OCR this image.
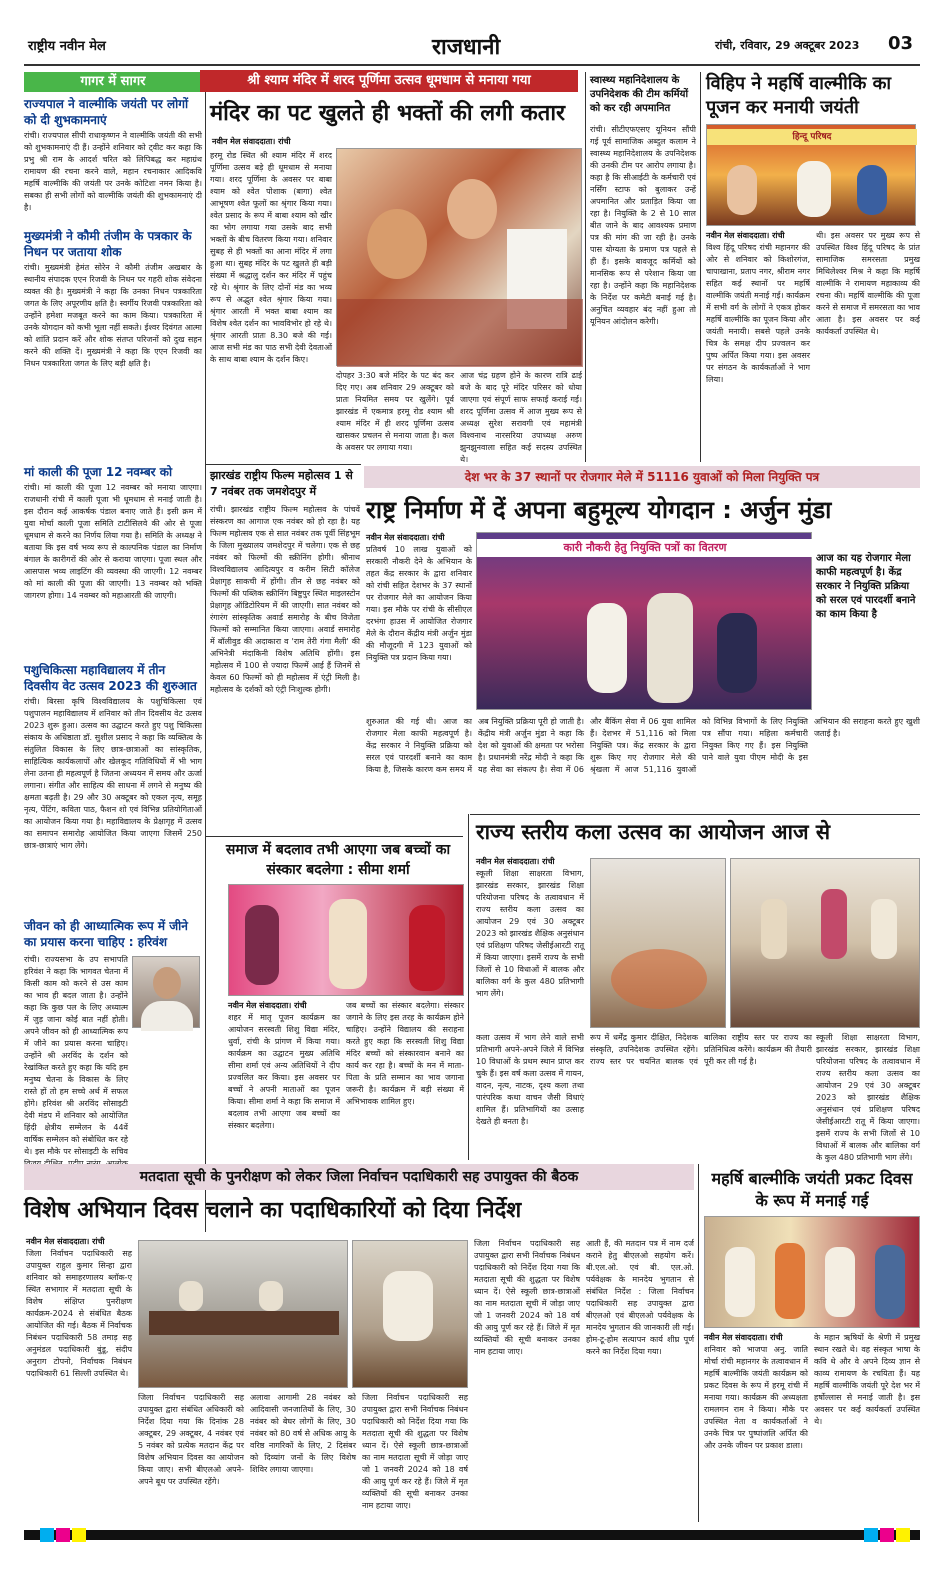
राष्ट्रीय नवीन मेल	राजधानी	रांची, रविवार, 29 अक्टूबर 2023 03
गागर में सागर
राज्यपाल ने वाल्मीकि जयंती पर लोगों को दी शुभकामनाएं
रांची। राज्यपाल सीपी राधाकृष्णन ने वाल्मीकि जयंती की सभी को शुभकामनाएं दी हैं। उन्होंने शनिवार को ट्वीट कर कहा कि प्रभु श्री राम के आदर्श चरित को लिपिबद्ध कर महाग्रंथ रामायण की रचना करने वाले, महान रचनाकार आदिकवि महर्षि वाल्मीकि की जयंती पर उनके कोटिशः नमन किया है। सबका ही सभी लोगों को वाल्मीकि जयंती की शुभकामनाएं दी है।
मुख्यमंत्री ने कौमी तंजीम के पत्रकार के निधन पर जताया शोक
रांची। मुख्यमंत्री हेमंत सोरेन ने कौमी तंजीम अखबार के स्थानीय संपादक एएन रिजवी के निधन पर गहरी शोक संवेदना व्यक्त की है। मुख्यमंत्री ने कहा कि उनका निधन पत्रकारिता जगत के लिए अपूरणीय क्षति है। स्वर्गीय रिजवी पत्रकारिता को उन्होंने हमेशा मजबूत करने का काम किया। पत्रकारिता में उनके योगदान को कभी भूला नहीं सकते। ईश्वर दिवंगत आत्मा को शांति प्रदान करें और शोक संतप्त परिजनों को दुख सहन करने की शक्ति दें। मुख्यमंत्री ने कहा कि एएन रिजवी का निधन पत्रकारिता जगत के लिए बड़ी क्षति है।
मां काली की पूजा 12 नवम्बर को
रांची। मां काली की पूजा 12 नवम्बर को मनाया जाएगा। राजधानी रांची में काली पूजा भी धूमधाम से मनाई जाती है। इस दौरान कई आकर्षक पंडाल बनाए जाते हैं। इसी क्रम में युवा मोर्चा काली पूजा समिति टाटीसिलवे की ओर से पूजा धूमधाम से करने का निर्णय लिया गया है। समिति के अध्यक्ष ने बताया कि इस वर्ष भव्य रूप से काल्पनिक पंडाल का निर्माण बंगाल के कारीगरों की ओर से कराया जाएगा। पूजा स्थल और आसपास भव्य लाइटिंग की व्यवस्था की जाएगी। 12 नवम्बर को मां काली की पूजा की जाएगी। 13 नवम्बर को भक्ति जागरण होगा। 14 नवम्बर को महाआरती की जाएगी।
पशुचिकित्सा महाविद्यालय में तीन दिवसीय वेट उत्सव 2023 की शुरुआत
रांची। बिरसा कृषि विश्वविद्यालय के पशुचिकित्सा एवं पशुपालन महाविद्यालय में शनिवार को तीन दिवसीय वेट उत्सव 2023 शुरू हुआ। उत्सव का उद्घाटन करते हुए पशु चिकित्सा संकाय के अधिष्ठाता डॉ. सुशील प्रसाद ने कहा कि व्यक्तित्व के संतुलित विकास के लिए छात्र-छात्राओं का सांस्कृतिक, साहित्यिक कार्यकलापों और खेलकूद गतिविधियों में भी भाग लेना उतना ही महत्वपूर्ण है जितना अध्ययन में समय और ऊर्जा लगाना। संगीत और साहित्य की साधना में लगने से मनुष्य की क्षमता बढ़ती है। 29 और 30 अक्टूबर को एकल नृत्य, समूह नृत्य, पेंटिंग, कविता पाठ, फैशन शो एवं विभिन्न प्रतियोगिताओं का आयोजन किया गया है। महाविद्यालय के प्रेक्षागृह में उत्सव का समापन समारोह आयोजित किया जाएगा जिसमें 250 छात्र-छात्राएं भाग लेंगे।
जीवन को ही आध्यात्मिक रूप में जीने का प्रयास करना चाहिए : हरिवंश
रांची। राज्यसभा के उप सभापति हरिवंश ने कहा कि भागवत चेतना में किसी काम को करने से उस काम का भाव ही बदल जाता है। उन्होंने कहा कि कुछ पल के लिए अध्यात्म में जुड़ जाना कोई बात नहीं होती। अपने जीवन को ही आध्यात्मिक रूप में जीने का प्रयास करना चाहिए। उन्होंने श्री अरविंद के दर्शन को रेखांकित करते हुए कहा कि यदि हम मनुष्य चेतना के विकास के लिए रास्ते हों तो हम सच्चे अर्थ में सफल होंगे। हरिवंश श्री अरविंद सोसाइटी देवी मंडप में शनिवार को आयोजित हिंदी क्षेत्रीय सम्मेलन के 44वें वार्षिक सम्मेलन को संबोधित कर रहे थे। इस मौके पर सोसाइटी के सचिव
श्री श्याम मंदिर में शरद पूर्णिमा उत्सव धूमधाम से मनाया गया
मंदिर का पट खुलते ही भक्तों की लगी कतार
नवीन मेल संवाददाता। रांची
हरमू रोड स्थित श्री श्याम मंदिर में शरद पूर्णिमा उत्सव बड़े ही धूमधाम से मनाया गया। शरद पूर्णिमा के अवसर पर बाबा श्याम को श्वेत पोशाक (बागा) श्वेत आभूषण श्वेत फूलों का श्रृंगार किया गया। श्वेत प्रसाद के रूप में बाबा श्याम को खीर का भोग लगाया गया उसके बाद सभी भक्तों के बीच वितरण किया गया। शनिवार सुबह से ही भक्तों का आना मंदिर में लगा हुआ था। सुबह मंदिर के पट खुलते ही बड़ी संख्या में श्रद्धालु दर्शन कर मंदिर में पहुंच रहे थे। श्रृंगार के लिए दोनों मंड का भव्य रूप से अद्भुत श्वेत श्रृंगार किया गया। श्रृंगार आरती में भक्त बाबा श्याम का विशेष श्वेत दर्शन का भावविभोर हो रहे थे। श्रृंगार आरती प्रातः 8.30 बजे की गई। आज सभी मंड का पाठ सभी देवी देवताओं के साथ बाबा श्याम के दर्शन किए।
दोपहर 3:30 बजे मंदिर के पट बंद कर दिए गए। अब शनिवार 29 अक्टूबर को प्रातः नियमित समय पर खुलेंगे। पूर्व झारखंड में एकमात्र हरमू रोड श्याम श्री श्याम मंदिर में ही शरद पूर्णिमा उत्सव खासकर प्रचलन से मनाया जाता है। कल के अवसर पर लगाया गया।
आज चंद्र ग्रहण होने के कारण रात्रि ढाई बजे के बाद पूरे मंदिर परिसर को धोया जाएगा एवं संपूर्ण साफ सफाई कराई गई। शरद पूर्णिमा उत्सव में आज मुख्य रूप से अध्यक्ष सुरेश सरावगी एवं महामंत्री विश्वनाथ नारसरिया उपाध्यक्ष अरुण झुनझुनवाला सहित कई सदस्य उपस्थित थे।
स्वास्थ्य महानिदेशालय के उपनिदेशक की टीम कर्मियों को कर रही अपमानित
रांची। सीटीएफएसए यूनियन सौंपी गई पूर्व सामाजिक अब्दुल कलाम ने स्वास्थ्य महानिदेशालय के उपनिदेशक की उनकी टीम पर आरोप लगाया है। कहा है कि सीआईटी के कर्मचारी एवं नर्सिंग स्टाफ को बुलाकर उन्हें अपमानित और प्रताड़ित किया जा रहा है। नियुक्ति के 2 से 10 साल बीत जाने के बाद आवश्यक प्रमाण पत्र की मांग की जा रही है। उनके पास योग्यता के प्रमाण पत्र पहले से ही हैं। इसके बावजूद कर्मियों को मानसिक रूप से परेशान किया जा रहा है। उन्होंने कहा कि महानिदेशक के निर्देश पर कमेटी बनाई गई है। अनुचित व्यवहार बंद नहीं हुआ तो यूनियन आंदोलन करेगी।
विहिप ने महर्षि वाल्मीकि का पूजन कर मनायी जयंती
हिन्दू परिषद
नवीन मेल संवाददाता। रांची
विश्व हिंदू परिषद रांची महानगर की ओर से शनिवार को किशोरगंज, चापाखाना, प्रताप नगर, श्रीराम नगर सहित कई स्थानों पर महर्षि वाल्मीकि जयंती मनाई गई। कार्यक्रम में सभी वर्ग के लोगों ने एकत्र होकर महर्षि वाल्मीकि का पूजन किया और जयंती मनायी। सबसे पहले उनके चित्र के समक्ष दीप प्रज्वलन कर पुष्प अर्पित किया गया। इस अवसर पर संगठन के कार्यकर्ताओं ने भाग लिया।
थी। इस अवसर पर मुख्य रूप से उपस्थित विश्व हिंदू परिषद के प्रांत सामाजिक समरसता प्रमुख मिथिलेश्वर मिश्र ने कहा कि महर्षि वाल्मीकि ने रामायण महाकाव्य की रचना की। महर्षि वाल्मीकि की पूजा करने से समाज में समरसता का भाव आता है। इस अवसर पर कई कार्यकर्ता उपस्थित थे।
झारखंड राष्ट्रीय फिल्म महोत्सव 1 से 7 नवंबर तक जमशेदपुर में
रांची। झारखंड राष्ट्रीय फिल्म महोत्सव के पांचवें संस्करण का आगाज एक नवंबर को हो रहा है। यह फिल्म महोत्सव एक से सात नवंबर तक पूर्वी सिंहभूम के जिला मुख्यालय जमशेदपुर में चलेगा। एक से छह नवंबर को फिल्मों की स्क्रीनिंग होगी। श्रीनाथ विश्वविद्यालय आदित्यपुर व करीम सिटी कॉलेज प्रेक्षागृह साकची में होंगी। तीन से छह नवंबर को फिल्मों की पब्लिक स्क्रीनिंग बिष्टुपुर स्थित माइलस्टोन प्रेक्षागृह ऑडिटोरियम में की जाएगी। सात नवंबर को रंगारंग सांस्कृतिक अवार्ड समारोह के बीच विजेता फिल्मों को सम्मानित किया जाएगा। अवार्ड समारोह में बॉलीवुड की अदाकारा व 'राम तेरी गंगा मैली' की अभिनेत्री मंदाकिनी विशेष अतिथि होंगी। इस महोत्सव में 100 से ज्यादा फिल्में आई हैं जिनमें से केवल 60 फिल्मों को ही महोत्सव में एंट्री मिली है। महोत्सव के दर्शकों को एंट्री निःशुल्क होगी।
देश भर के 37 स्थानों पर रोजगार मेले में 51116 युवाओं को मिला नियुक्ति पत्र
राष्ट्र निर्माण में दें अपना बहुमूल्य योगदान : अर्जुन मुंडा
नवीन मेल संवाददाता। रांची
प्रतिवर्ष 10 लाख युवाओं को सरकारी नौकरी देने के अभियान के तहत केंद्र सरकार के द्वारा शनिवार को रांची सहित देशभर के 37 स्थानों पर रोजगार मेले का आयोजन किया गया। इस मौके पर रांची के सीसीएल दरभंगा हाउस में आयोजित रोजगार मेले के दौरान केंद्रीय मंत्री अर्जुन मुंडा की मौजूदगी में 123 युवाओं को नियुक्ति पत्र प्रदान किया गया।
कारी नौकरी हेतु नियुक्ति पत्रों का वितरण
आज का यह रोजगार मेला काफी महत्वपूर्ण है। केंद्र सरकार ने नियुक्ति प्रक्रिया को सरल एवं पारदर्शी बनाने का काम किया है
शुरुआत की गई थी। आज का रोजगार मेला काफी महत्वपूर्ण है। केंद्र सरकार ने नियुक्ति प्रक्रिया को सरल एवं पारदर्शी बनाने का काम किया है, जिसके कारण कम समय में अब नियुक्ति प्रक्रिया पूरी हो जाती है। केंद्रीय मंत्री अर्जुन मुंडा ने कहा कि देश को युवाओं की क्षमता पर भरोसा है। प्रधानमंत्री नरेंद्र मोदी ने कहा कि यह सेवा का संकल्प है। सेवा में 06 और बैंकिंग सेवा में 06 युवा शामिल हैं। देशभर में 51,116 को मिला नियुक्ति पत्र। केंद्र सरकार के द्वारा शुरू किए गए रोजगार मेले की श्रृंखला में आज 51,116 युवाओं को विभिन्न विभागों के लिए नियुक्ति पत्र सौंपा गया। महिला कर्मचारी नियुक्त किए गए हैं। इस नियुक्ति पाने वाले युवा पीएम मोदी के इस अभियान की सराहना करते हुए खुशी जताई है।
समाज में बदलाव तभी आएगा जब बच्चों का संस्कार बदलेगा : सीमा शर्मा
नवीन मेल संवाददाता। रांची
शहर में मातृ पूजन कार्यक्रम का आयोजन सरस्वती शिशु विद्या मंदिर, धुर्वा, रांची के प्रांगण में किया गया। कार्यक्रम का उद्घाटन मुख्य अतिथि सीमा शर्मा एवं अन्य अतिथियों ने दीप प्रज्वलित कर किया। इस अवसर पर बच्चों ने अपनी माताओं का पूजन किया। सीमा शर्मा ने कहा कि समाज में बदलाव तभी आएगा जब बच्चों का संस्कार बदलेगा।
जब बच्चों का संस्कार बदलेगा। संस्कार जगाने के लिए इस तरह के कार्यक्रम होने चाहिए। उन्होंने विद्यालय की सराहना करते हुए कहा कि सरस्वती शिशु विद्या मंदिर बच्चों को संस्कारवान बनाने का कार्य कर रहा है। बच्चों के मन में माता-पिता के प्रति सम्मान का भाव जगाना जरूरी है। कार्यक्रम में बड़ी संख्या में अभिभावक शामिल हुए।
राज्य स्तरीय कला उत्सव का आयोजन आज से
नवीन मेल संवाददाता। रांची
स्कूली शिक्षा साक्षरता विभाग, झारखंड सरकार, झारखंड शिक्षा परियोजना परिषद के तत्वावधान में राज्य स्तरीय कला उत्सव का आयोजन 29 एवं 30 अक्टूबर 2023 को झारखंड शैक्षिक अनुसंधान एवं प्रशिक्षण परिषद जेसीईआरटी रातू में किया जाएगा। इसमें राज्य के सभी जिलों से 10 विधाओं में बालक और बालिका वर्ग के कुल 480 प्रतिभागी भाग लेंगे।
कला उत्सव में भाग लेने वाले सभी प्रतिभागी अपने-अपने जिले में विभिन्न 10 विधाओं के प्रथम स्थान प्राप्त कर चुके हैं। इस वर्ष कला उत्सव में गायन, वादन, नृत्य, नाटक, दृश्य कला तथा पारंपरिक कथा वाचन जैसी विधाएं शामिल हैं। प्रतिभागियों का उत्साह देखते ही बनता है।
रूप में धर्मेंद्र कुमार दीक्षित, निदेशक संस्कृति, उपनिदेशक उपस्थित रहेंगे। राज्य स्तर पर चयनित बालक एवं बालिका राष्ट्रीय स्तर पर राज्य का प्रतिनिधित्व करेंगे। कार्यक्रम की तैयारी पूरी कर ली गई है।
स्कूली शिक्षा साक्षरता विभाग, झारखंड सरकार, झारखंड शिक्षा परियोजना परिषद के तत्वावधान में राज्य स्तरीय कला उत्सव का आयोजन 29 एवं 30 अक्टूबर 2023 को झारखंड शैक्षिक अनुसंधान एवं प्रशिक्षण परिषद जेसीईआरटी रातू में किया जाएगा। इसमें राज्य के सभी जिलों से 10 विधाओं में बालक और बालिका वर्ग के कुल 480 प्रतिभागी भाग लेंगे।
मतदाता सूची के पुनरीक्षण को लेकर जिला निर्वाचन पदाधिकारी सह उपायुक्त की बैठक
विशेष अभियान दिवस चलाने का पदाधिकारियों को दिया निर्देश
नवीन मेल संवाददाता। रांची
जिला निर्वाचन पदाधिकारी सह उपायुक्त राहुल कुमार सिन्हा द्वारा शनिवार को समाहरणालय ब्लॉक-ए स्थित सभागार में मतदाता सूची के विशेष संक्षिप्त पुनरीक्षण कार्यक्रम-2024 से संबंधित बैठक आयोजित की गई। बैठक में निर्वाचक निबंधन पदाधिकारी 58 तमाड़ सह अनुमंडल पदाधिकारी बुंडू, संदीप अनुराग टोपनो, निर्वाचक निबंधन पदाधिकारी 61 सिल्ली उपस्थित थे।
जिला निर्वाचन पदाधिकारी सह उपायुक्त द्वारा संबंधित अधिकारी को निर्देश दिया गया कि दिनांक 28 अक्टूबर, 29 अक्टूबर, 4 नवंबर एवं 5 नवंबर को प्रत्येक मतदान केंद्र पर विशेष अभियान दिवस का आयोजन किया जाए। सभी बीएलओ अपने-अपने बूथ पर उपस्थित रहेंगे।
अलावा आगामी 28 नवंबर को आदिवासी जनजातियों के लिए, 30 नवंबर को बेघर लोगों के लिए, 30 नवंबर को 80 वर्ष से अधिक आयु के वरिष्ठ नागरिकों के लिए, 2 दिसंबर को दिव्यांग जनों के लिए विशेष शिविर लगाया जाएगा।
जिला निर्वाचन पदाधिकारी सह उपायुक्त द्वारा सभी निर्वाचक निबंधन पदाधिकारी को निर्देश दिया गया कि मतदाता सूची की शुद्धता पर विशेष ध्यान दें। ऐसे स्कूली छात्र-छात्राओं का नाम मतदाता सूची में जोड़ा जाए जो 1 जनवरी 2024 को 18 वर्ष की आयु पूर्ण कर रहे हैं। जिले में मृत व्यक्तियों की सूची बनाकर उनका नाम हटाया जाए।
जिला निर्वाचन पदाधिकारी सह उपायुक्त द्वारा सभी निर्वाचक निबंधन पदाधिकारी को निर्देश दिया गया कि मतदाता सूची की शुद्धता पर विशेष ध्यान दें। ऐसे स्कूली छात्र-छात्राओं का नाम मतदाता सूची में जोड़ा जाए जो 1 जनवरी 2024 को 18 वर्ष की आयु पूर्ण कर रहे हैं। जिले में मृत व्यक्तियों की सूची बनाकर उनका नाम हटाया जाए।
आती हैं, की मतदान पत्र में नाम दर्ज कराने हेतु बीएलओ सहयोग करें। बी.एल.ओ. एवं बी. एल.ओ. पर्यवेक्षक के मानदेय भुगतान से संबंधित निर्देश : जिला निर्वाचन पदाधिकारी सह उपायुक्त द्वारा बीएलओ एवं बीएलओ पर्यवेक्षक के मानदेय भुगतान की जानकारी ली गई। होम-टू-होम सत्यापन कार्य शीघ्र पूर्ण करने का निर्देश दिया गया।
महर्षि बाल्मीकि जयंती प्रकट दिवस के रूप में मनाई गई
नवीन मेल संवाददाता। रांची
शनिवार को भाजपा अनु. जाति मोर्चा रांची महानगर के तत्वावधान में महर्षि बाल्मीकि जयंती कार्यक्रम को प्रकट दिवस के रूप में हरमू रांची में मनाया गया। कार्यक्रम की अध्यक्षता रामलगन राम ने किया। मौके पर उपस्थित नेता व कार्यकर्ताओं ने उनके चित्र पर पुष्पांजलि अर्पित की और उनके जीवन पर प्रकाश डाला।
के महान ऋषियों के श्रेणी में प्रमुख स्थान रखते थे। वह संस्कृत भाषा के कवि थे और वे अपने दिव्य ज्ञान से काव्य रामायण के रचयिता हैं। यह महर्षि वाल्मीकि जयंती पूरे देश भर में हर्षोल्लास से मनाई जाती है। इस अवसर पर कई कार्यकर्ता उपस्थित थे।
